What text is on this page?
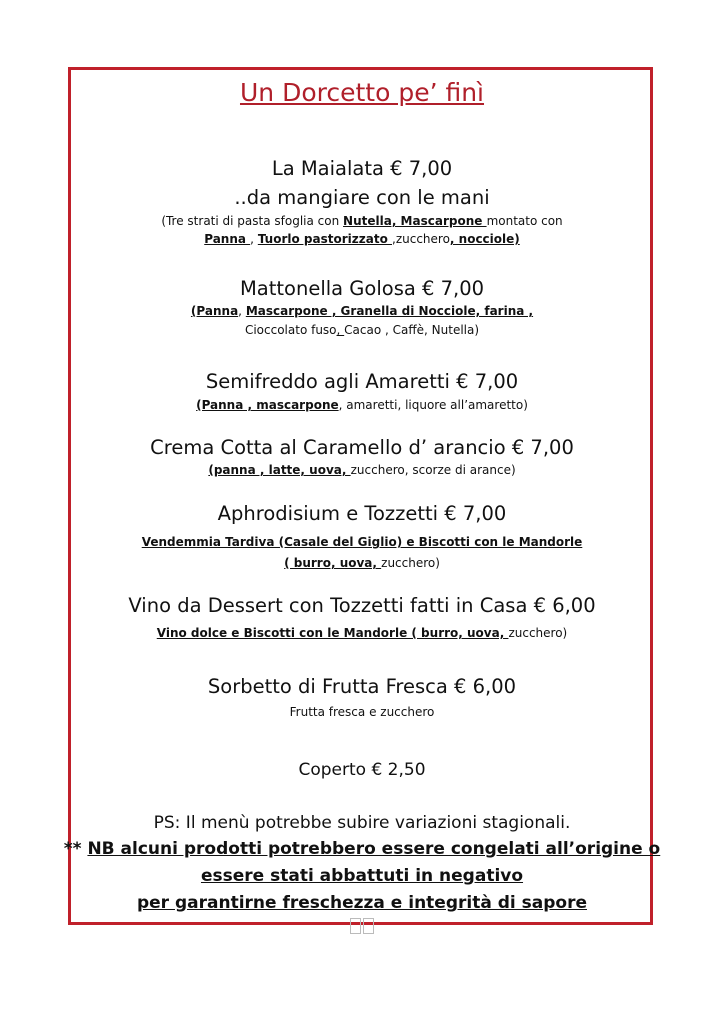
Un Dorcetto pe’ finì
La Maialata € 7,00
..da mangiare con le mani
(Tre strati di pasta sfoglia con Nutella, Mascarpone montato con
Panna , Tuorlo pastorizzato ,zucchero, nocciole)
Mattonella Golosa € 7,00
(Panna, Mascarpone , Granella di Nocciole, farina ,
Cioccolato fuso, Cacao , Caffè, Nutella)
Semifreddo agli Amaretti € 7,00
(Panna , mascarpone, amaretti, liquore all’amaretto)
Crema Cotta al Caramello d’ arancio € 7,00
(panna , latte, uova, zucchero, scorze di arance)
Aphrodisium e Tozzetti € 7,00
Vendemmia Tardiva (Casale del Giglio) e Biscotti con le Mandorle
( burro, uova, zucchero)
Vino da Dessert con Tozzetti fatti in Casa € 6,00
Vino dolce e Biscotti con le Mandorle ( burro, uova, zucchero)
Sorbetto di Frutta Fresca € 6,00
Frutta fresca e zucchero
Coperto € 2,50
PS: Il menù potrebbe subire variazioni stagionali.
** NB alcuni prodotti potrebbero essere congelati all’origine o
essere stati abbattuti in negativo
per garantirne freschezza e integrità di sapore
